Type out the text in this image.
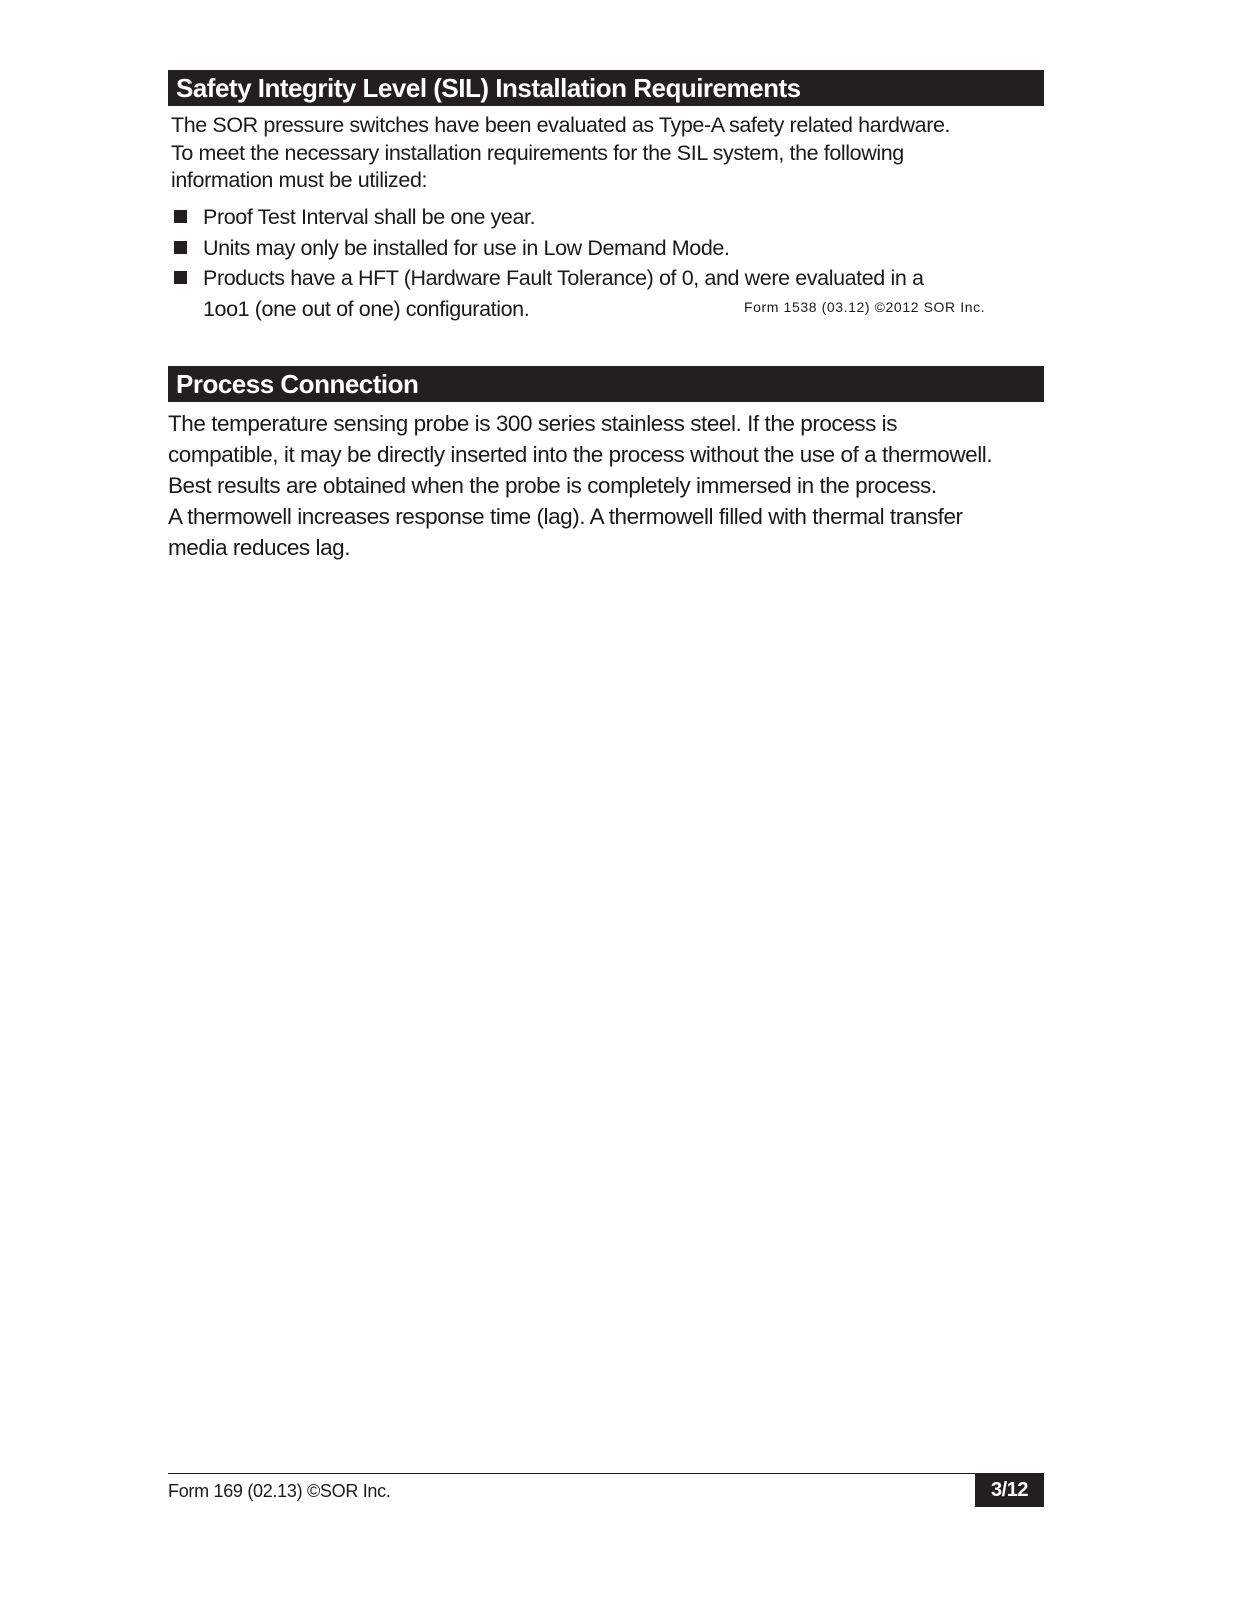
Safety Integrity Level (SIL) Installation Requirements

The SOR pressure switches have been evaluated as Type-A safety related hardware.

To meet the necessary installation requirements for the SIL system, the following

information must be utilized:

Proof Test Interval shall be one year.
Units may only be installed for use in Low Demand Mode.
Products have a HFT (Hardware Fault Tolerance) of 0, and were evaluated in a
1oo1 (one out of one) configuration.	Form 1538 (03.12) ©2012 SOR Inc.
Process Connection

The temperature sensing probe is 300 series stainless steel. If the process is

compatible, it may be directly inserted into the process without the use of a thermowell.

Best results are obtained when the probe is completely immersed in the process.

A thermowell increases response time (lag). A thermowell filled with thermal transfer

media reduces lag.

Form 169 (02.13) ©SOR Inc.	3/12
